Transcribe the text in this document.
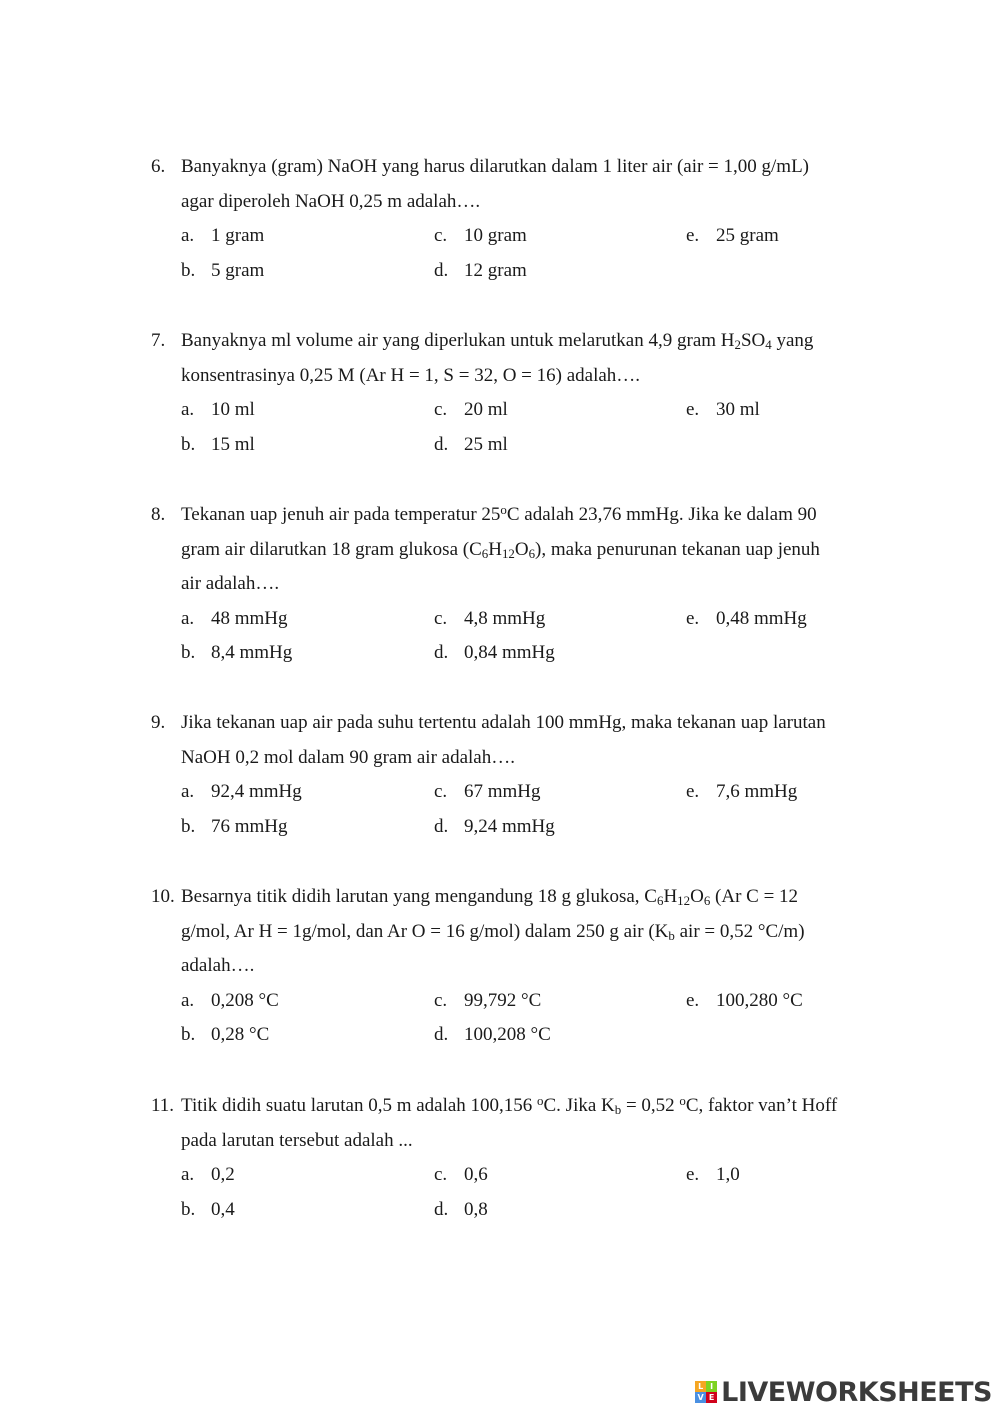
6. Banyaknya (gram) NaOH yang harus dilarutkan dalam 1 liter air (air = 1,00 g/mL)
agar diperoleh NaOH 0,25 m adalah….
a. 1 gram
b. 5 gram
c. 10 gram
d. 12 gram
e. 25 gram
7. Banyaknya ml volume air yang diperlukan untuk melarutkan 4,9 gram $H_2SO_4$ yang
konsentrasinya 0,25 M (Ar H = 1, S = 32, O = 16) adalah….
a. 10 ml
b. 15 ml
c. 20 ml
d. 25 ml
e. 30 ml
8. Tekanan uap jenuh air pada temperatur 25$^o$C adalah 23,76 mmHg. Jika ke dalam 90
gram air dilarutkan 18 gram glukosa $(C_6H_{12}O_6)$, maka penurunan tekanan uap jenuh
air adalah….
a. 48 mmHg
b. 8,4 mmHg
c. 4,8 mmHg
d. 0,84 mmHg
e. 0,48 mmHg
9. Jika tekanan uap air pada suhu tertentu adalah 100 mmHg, maka tekanan uap larutan
NaOH 0,2 mol dalam 90 gram air adalah….
a. 92,4 mmHg
b. 76 mmHg
c. 67 mmHg
d. 9,24 mmHg
e. 7,6 mmHg
10. Besarnya titik didih larutan yang mengandung 18 g glukosa, $C_6H_{12}O_6$ (Ar C = 12
g/mol, Ar H = 1g/mol, dan Ar O = 16 g/mol) dalam 250 g air ($K_b$ air = 0,52 °C/m)
adalah….
a. 0,208 °C
b. 0,28 °C
c. 99,792 °C
d. 100,208 °C
e. 100,280 °C
11. Titik didih suatu larutan 0,5 m adalah 100,156 $^o$C. Jika $K_b = 0,52$ $^o$C, faktor van’t Hoff
pada larutan tersebut adalah ...
a. 0,2
b. 0,4
c. 0,6
d. 0,8
e. 1,0
L I
V E LIVEWORKSHEETS
